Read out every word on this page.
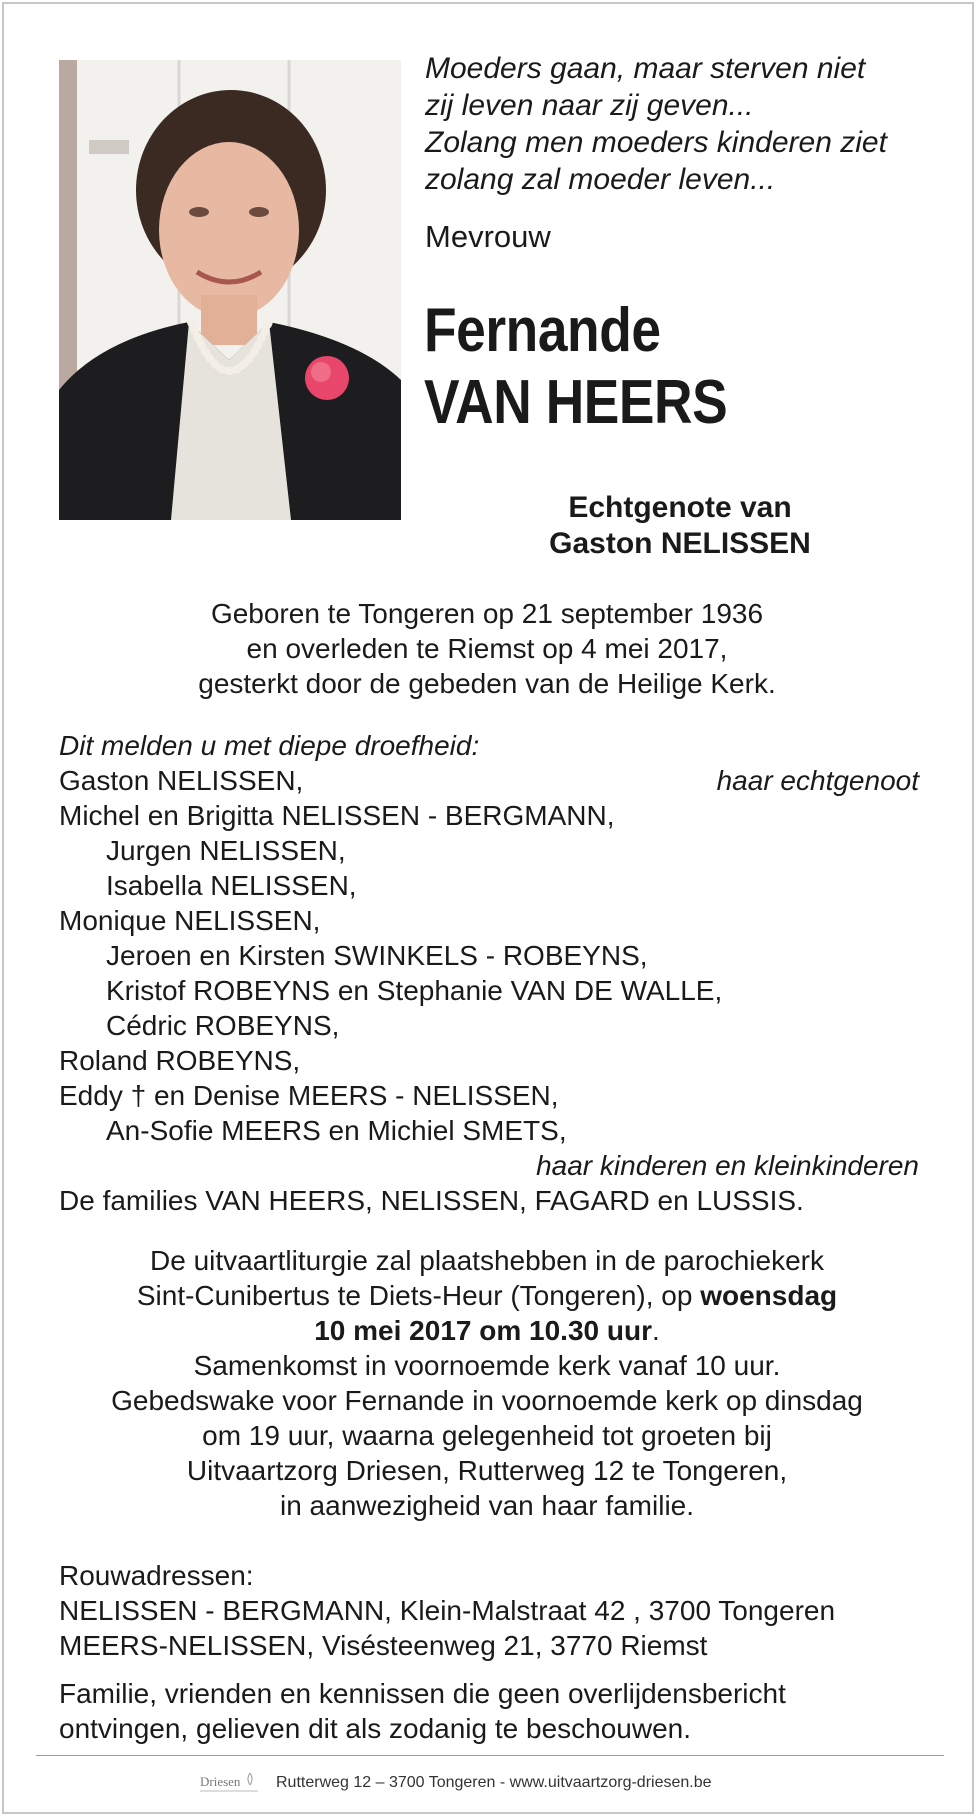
Moeders gaan, maar sterven niet
zij leven naar zij geven...
Zolang men moeders kinderen ziet
zolang zal moeder leven...
Mevrouw
Fernande
VAN HEERS
Echtgenote van
Gaston NELISSEN
Geboren te Tongeren op 21 september 1936
en overleden te Riemst op 4 mei 2017,
gesterkt door de gebeden van de Heilige Kerk.
Dit melden u met diepe droefheid:
Gaston NELISSEN,	haar echtgenoot
Michel en Brigitta NELISSEN - BERGMANN,
Jurgen NELISSEN,
Isabella NELISSEN,
Monique NELISSEN,
Jeroen en Kirsten SWINKELS - ROBEYNS,
Kristof ROBEYNS en Stephanie VAN DE WALLE,
Cédric ROBEYNS,
Roland ROBEYNS,
Eddy † en Denise MEERS - NELISSEN,
An-Sofie MEERS en Michiel SMETS,
haar kinderen en kleinkinderen
De families VAN HEERS, NELISSEN, FAGARD en LUSSIS.
De uitvaartliturgie zal plaatshebben in de parochiekerk
Sint-Cunibertus te Diets-Heur (Tongeren), op woensdag
10 mei 2017 om 10.30 uur.
Samenkomst in voornoemde kerk vanaf 10 uur.
Gebedswake voor Fernande in voornoemde kerk op dinsdag
om 19 uur, waarna gelegenheid tot groeten bij
Uitvaartzorg Driesen, Rutterweg 12 te Tongeren,
in aanwezigheid van haar familie.
Rouwadressen:
NELISSEN - BERGMANN, Klein-Malstraat 42 , 3700 Tongeren
MEERS-NELISSEN, Visésteenweg 21, 3770 Riemst
Familie, vrienden en kennissen die geen overlijdensbericht
ontvingen, gelieven dit als zodanig te beschouwen.
Driesen Rutterweg 12 – 3700 Tongeren - www.uitvaartzorg-driesen.be
